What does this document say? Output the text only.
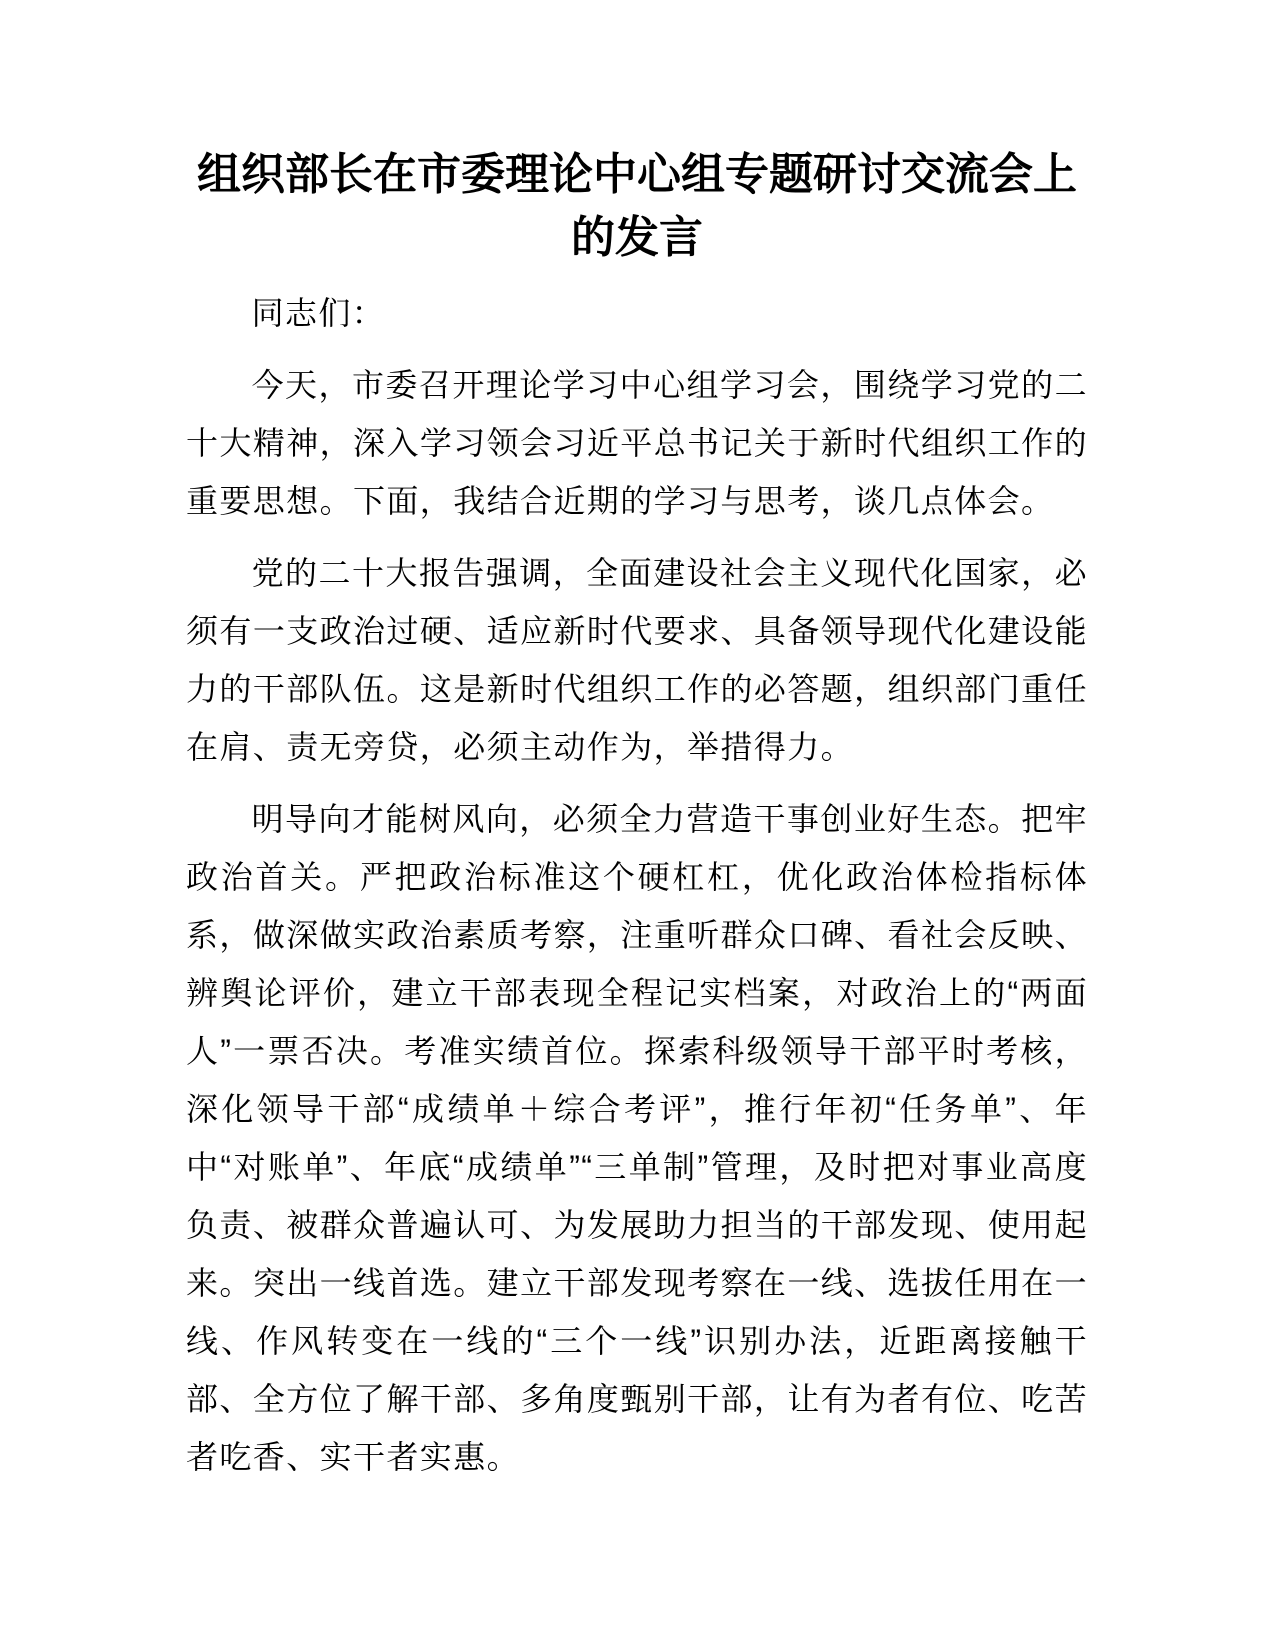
组织部长在市委理论中心组专题研讨交流会上的发言

同志们：

今天，市委召开理论学习中心组学习会，围绕学习党的二十大精神，深入学习领会习近平总书记关于新时代组织工作的重要思想。下面，我结合近期的学习与思考，谈几点体会。

党的二十大报告强调，全面建设社会主义现代化国家，必须有一支政治过硬、适应新时代要求、具备领导现代化建设能力的干部队伍。这是新时代组织工作的必答题，组织部门重任在肩、责无旁贷，必须主动作为，举措得力。

明导向才能树风向，必须全力营造干事创业好生态。把牢政治首关。严把政治标准这个硬杠杠，优化政治体检指标体系，做深做实政治素质考察，注重听群众口碑、看社会反映、辨舆论评价，建立干部表现全程记实档案，对政治上的“两面人”一票否决。考准实绩首位。探索科级领导干部平时考核，深化领导干部“成绩单＋综合考评”，推行年初“任务单”、年中“对账单”、年底“成绩单”“三单制”管理，及时把对事业高度负责、被群众普遍认可、为发展助力担当的干部发现、使用起来。突出一线首选。建立干部发现考察在一线、选拔任用在一线、作风转变在一线的“三个一线”识别办法，近距离接触干部、全方位了解干部、多角度甄别干部，让有为者有位、吃苦者吃香、实干者实惠。
